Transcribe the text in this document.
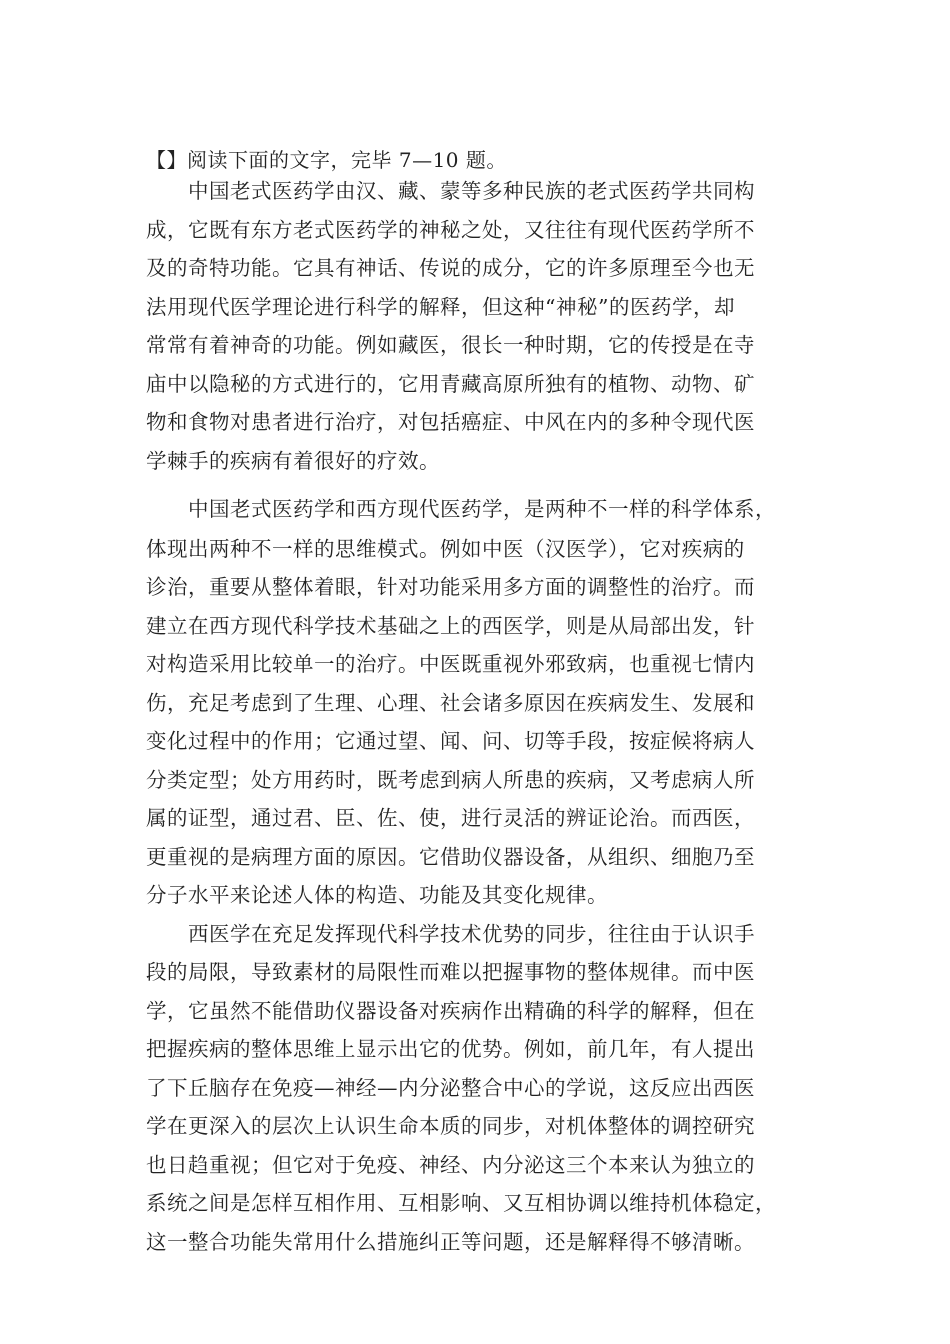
【】阅读下面的文字，完毕 7—10 题。
中国老式医药学由汉、藏、蒙等多种民族的老式医药学共同构
成，它既有东方老式医药学的神秘之处，又往往有现代医药学所不
及的奇特功能。它具有神话、传说的成分，它的许多原理至今也无
法用现代医学理论进行科学的解释，但这种“神秘”的医药学，却
常常有着神奇的功能。例如藏医，很长一种时期，它的传授是在寺
庙中以隐秘的方式进行的，它用青藏高原所独有的植物、动物、矿
物和食物对患者进行治疗，对包括癌症、中风在内的多种令现代医
学棘手的疾病有着很好的疗效。
中国老式医药学和西方现代医药学，是两种不一样的科学体系，
体现出两种不一样的思维模式。例如中医（汉医学），它对疾病的
诊治，重要从整体着眼，针对功能采用多方面的调整性的治疗。而
建立在西方现代科学技术基础之上的西医学，则是从局部出发，针
对构造采用比较单一的治疗。中医既重视外邪致病，也重视七情内
伤，充足考虑到了生理、心理、社会诸多原因在疾病发生、发展和
变化过程中的作用；它通过望、闻、问、切等手段，按症候将病人
分类定型；处方用药时，既考虑到病人所患的疾病，又考虑病人所
属的证型，通过君、臣、佐、使，进行灵活的辨证论治。而西医，
更重视的是病理方面的原因。它借助仪器设备，从组织、细胞乃至
分子水平来论述人体的构造、功能及其变化规律。
西医学在充足发挥现代科学技术优势的同步，往往由于认识手
段的局限，导致素材的局限性而难以把握事物的整体规律。而中医
学，它虽然不能借助仪器设备对疾病作出精确的科学的解释，但在
把握疾病的整体思维上显示出它的优势。例如，前几年，有人提出
了下丘脑存在免疫—神经—内分泌整合中心的学说，这反应出西医
学在更深入的层次上认识生命本质的同步，对机体整体的调控研究
也日趋重视；但它对于免疫、神经、内分泌这三个本来认为独立的
系统之间是怎样互相作用、互相影响、又互相协调以维持机体稳定，
这一整合功能失常用什么措施纠正等问题，还是解释得不够清晰。
